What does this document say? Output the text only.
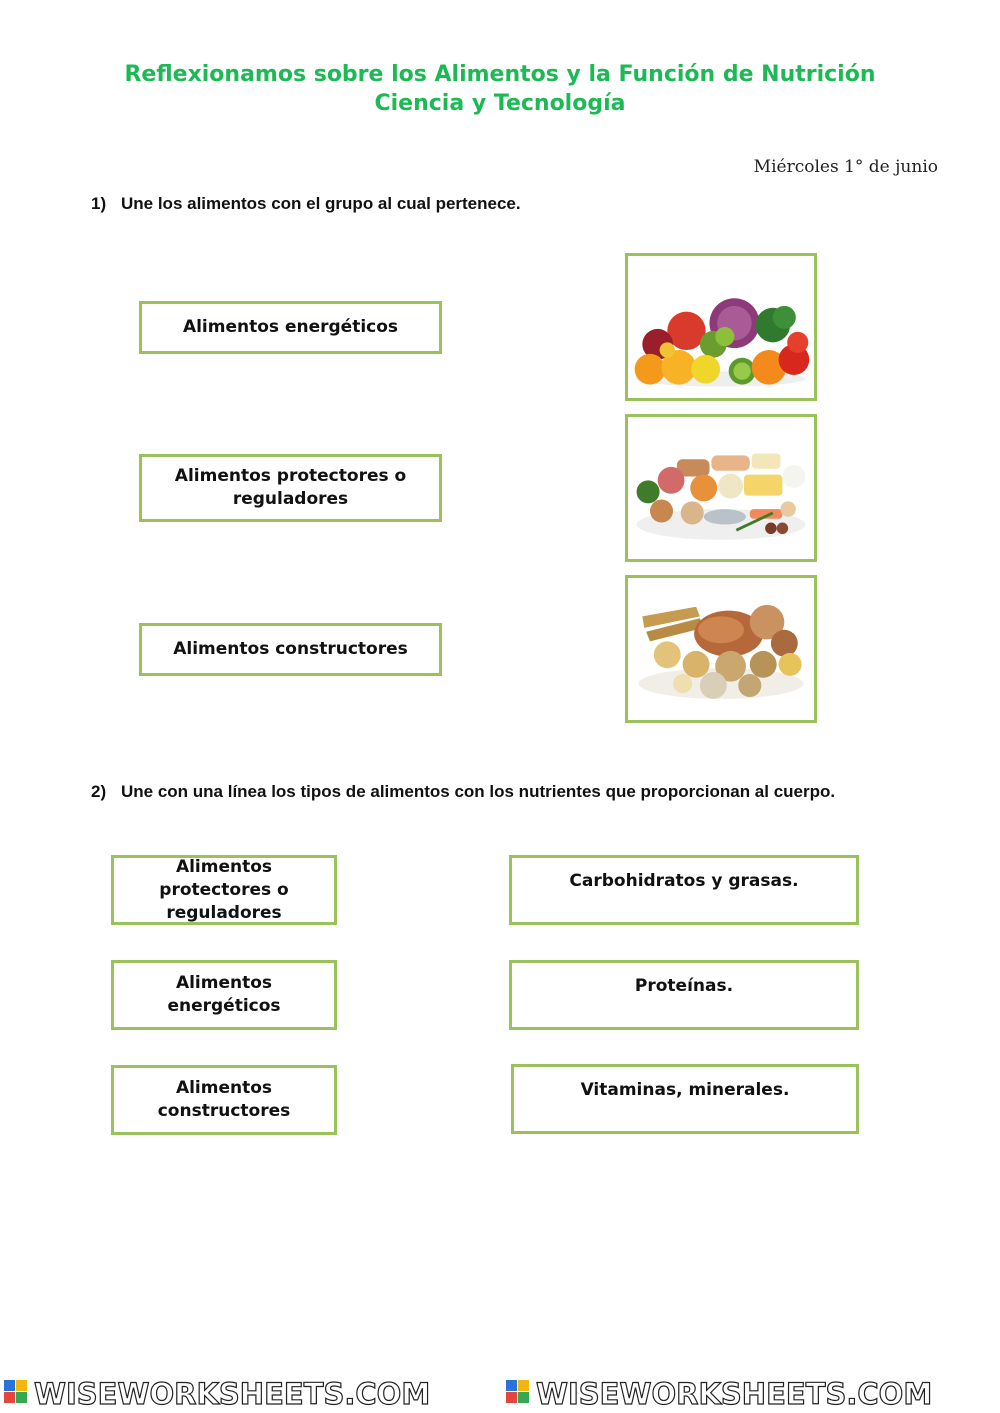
Reflexionamos sobre los Alimentos y la Función de Nutrición
Ciencia y Tecnología
Miércoles 1° de junio
1) Une los alimentos con el grupo al cual pertenece.
Alimentos energéticos
Alimentos protectores o reguladores
Alimentos constructores
2) Une con una línea los tipos de alimentos con los nutrientes que proporcionan al cuerpo.
Alimentos protectores o reguladores
Alimentos energéticos
Alimentos constructores
Carbohidratos y grasas.
Proteínas.
Vitaminas, minerales.
WISEWORKSHEETS.COM	WISEWORKSHEETS.COM
